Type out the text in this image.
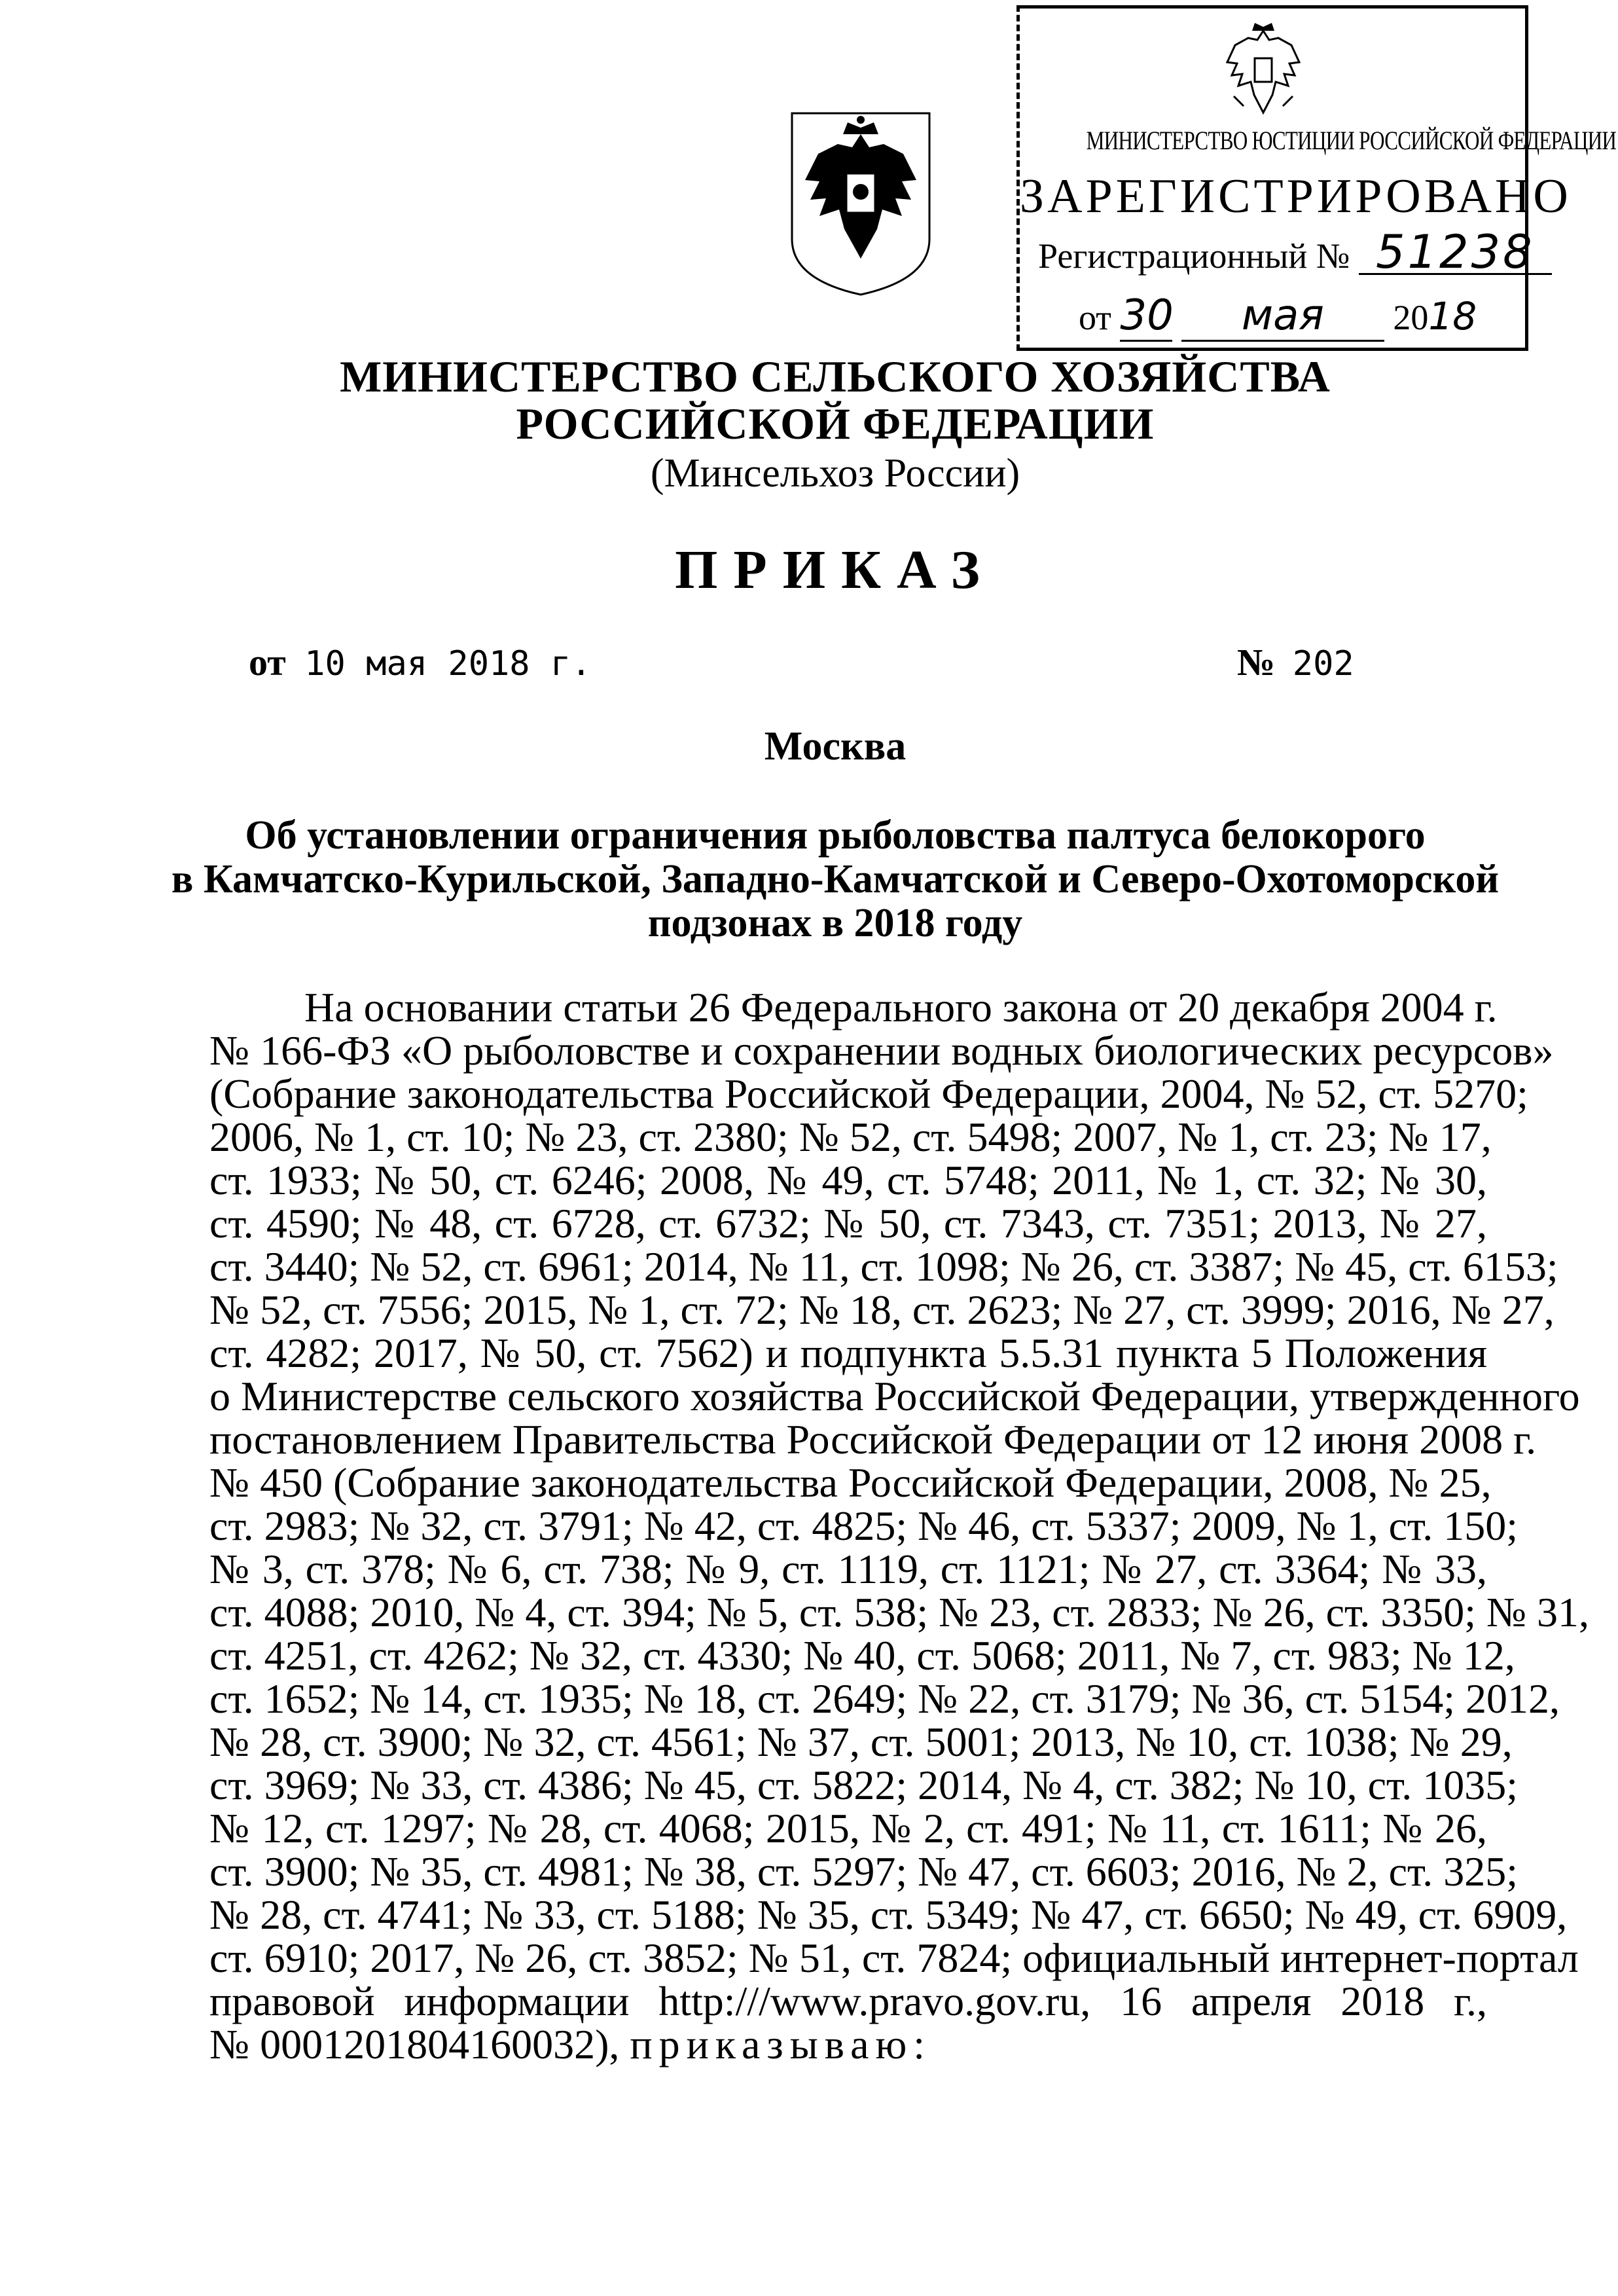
МИНИСТЕРСТВО ЮСТИЦИИ РОССИЙСКОЙ ФЕДЕРАЦИИ
ЗАРЕГИСТРИРОВАНО
Регистрационный № 51238
от 30 мая 2018
МИНИСТЕРСТВО СЕЛЬСКОГО ХОЗЯЙСТВА
РОССИЙСКОЙ ФЕДЕРАЦИИ
(Минсельхоз России)
ПРИКАЗ
от 10 мая 2018 г.	№ 202
Москва
Об установлении ограничения рыболовства палтуса белокорого
в Камчатско-Курильской, Западно-Камчатской и Северо-Охотоморской
подзонах в 2018 году
На основании статьи 26 Федерального закона от 20 декабря 2004 г.
№ 166-ФЗ «О рыболовстве и сохранении водных биологических ресурсов»
(Собрание законодательства Российской Федерации, 2004, № 52, ст. 5270;
2006, № 1, ст. 10; № 23, ст. 2380; № 52, ст. 5498; 2007, № 1, ст. 23; № 17,
ст. 1933; № 50, ст. 6246; 2008, № 49, ст. 5748; 2011, № 1, ст. 32; № 30,
ст. 4590; № 48, ст. 6728, ст. 6732; № 50, ст. 7343, ст. 7351; 2013, № 27,
ст. 3440; № 52, ст. 6961; 2014, № 11, ст. 1098; № 26, ст. 3387; № 45, ст. 6153;
№ 52, ст. 7556; 2015, № 1, ст. 72; № 18, ст. 2623; № 27, ст. 3999; 2016, № 27,
ст. 4282; 2017, № 50, ст. 7562) и подпункта 5.5.31 пункта 5 Положения
о Министерстве сельского хозяйства Российской Федерации, утвержденного
постановлением Правительства Российской Федерации от 12 июня 2008 г.
№ 450 (Собрание законодательства Российской Федерации, 2008, № 25,
ст. 2983; № 32, ст. 3791; № 42, ст. 4825; № 46, ст. 5337; 2009, № 1, ст. 150;
№ 3, ст. 378; № 6, ст. 738; № 9, ст. 1119, ст. 1121; № 27, ст. 3364; № 33,
ст. 4088; 2010, № 4, ст. 394; № 5, ст. 538; № 23, ст. 2833; № 26, ст. 3350; № 31,
ст. 4251, ст. 4262; № 32, ст. 4330; № 40, ст. 5068; 2011, № 7, ст. 983; № 12,
ст. 1652; № 14, ст. 1935; № 18, ст. 2649; № 22, ст. 3179; № 36, ст. 5154; 2012,
№ 28, ст. 3900; № 32, ст. 4561; № 37, ст. 5001; 2013, № 10, ст. 1038; № 29,
ст. 3969; № 33, ст. 4386; № 45, ст. 5822; 2014, № 4, ст. 382; № 10, ст. 1035;
№ 12, ст. 1297; № 28, ст. 4068; 2015, № 2, ст. 491; № 11, ст. 1611; № 26,
ст. 3900; № 35, ст. 4981; № 38, ст. 5297; № 47, ст. 6603; 2016, № 2, ст. 325;
№ 28, ст. 4741; № 33, ст. 5188; № 35, ст. 5349; № 47, ст. 6650; № 49, ст. 6909,
ст. 6910; 2017, № 26, ст. 3852; № 51, ст. 7824; официальный интернет-портал
правовой информации http:///www.pravo.gov.ru, 16 апреля 2018 г.,
№ 0001201804160032), приказываю:
